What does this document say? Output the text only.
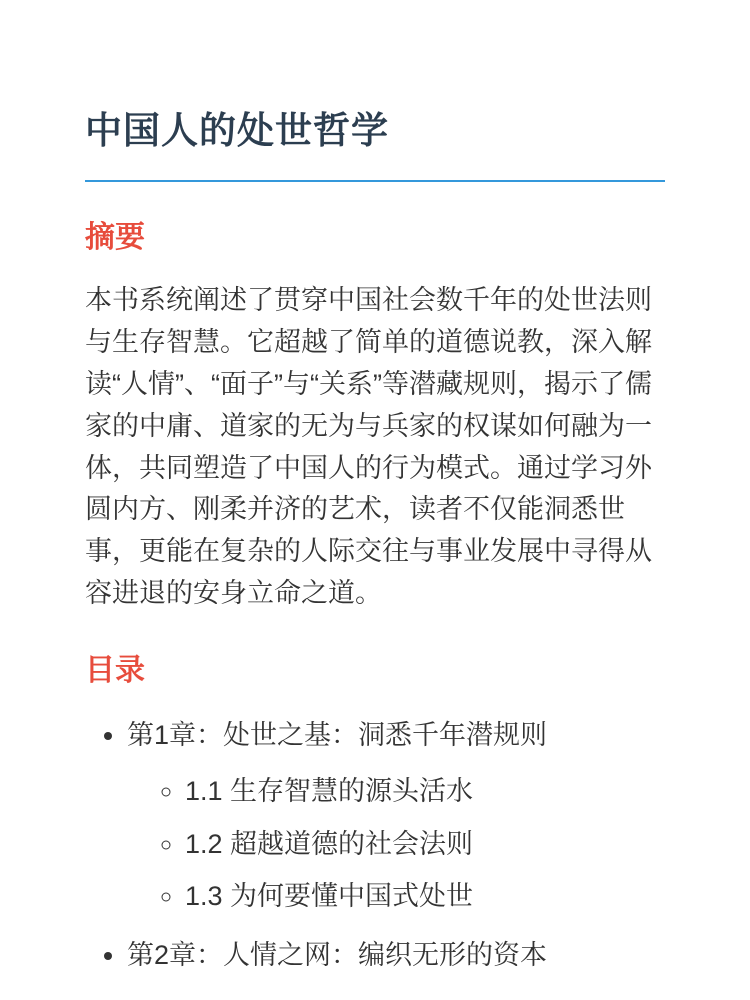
中国人的处世哲学
摘要

本书系统阐述了贯穿中国社会数千年的处世法则与生存智慧。它超越了简单的道德说教，深入解读“人情”、“面子”与“关系”等潜藏规则，揭示了儒家的中庸、道家的无为与兵家的权谋如何融为一体，共同塑造了中国人的行为模式。通过学习外圆内方、刚柔并济的艺术，读者不仅能洞悉世事，更能在复杂的人际交往与事业发展中寻得从容进退的安身立命之道。

目录
• 第1章：处世之基：洞悉千年潜规则
◦ 1.1 生存智慧的源头活水
◦ 1.2 超越道德的社会法则
◦ 1.3 为何要懂中国式处世
• 第2章：人情之网：编织无形的资本
